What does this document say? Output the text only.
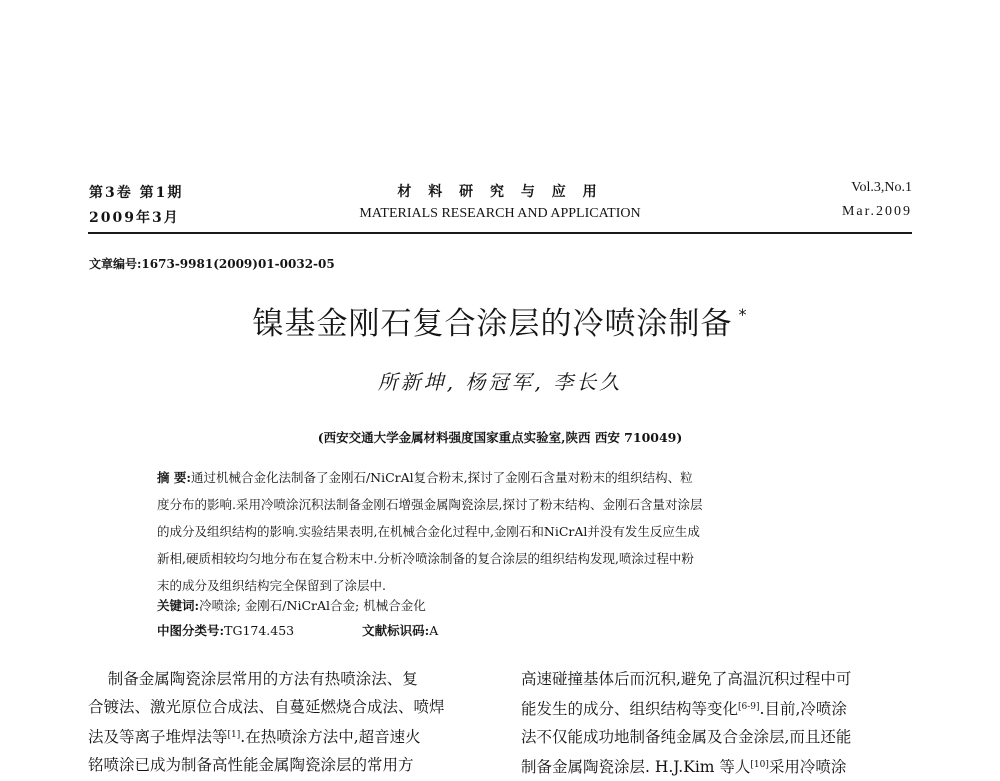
第3卷 第1期
2009年3月
材 料 研 究 与 应 用
MATERIALS RESEARCH AND APPLICATION
Vol.3,No.1
Mar.2009
文章编号:1673-9981(2009)01-0032-05
镍基金刚石复合涂层的冷喷涂制备 *
所新坤, 杨冠军, 李长久
(西安交通大学金属材料强度国家重点实验室,陕西 西安 710049)

摘 要:通过机械合金化法制备了金刚石/NiCrAl复合粉末,探讨了金刚石含量对粉末的组织结构、粒

度分布的影响.采用冷喷涂沉积法制备金刚石增强金属陶瓷涂层,探讨了粉末结构、金刚石含量对涂层

的成分及组织结构的影响.实验结果表明,在机械合金化过程中,金刚石和NiCrAl并没有发生反应生成

新相,硬质相较均匀地分布在复合粉末中.分析冷喷涂制备的复合涂层的组织结构发现,喷涂过程中粉

末的成分及组织结构完全保留到了涂层中.

关键词:冷喷涂; 金刚石/NiCrAl合金; 机械合金化
中图分类号:TG174.453	文献标识码:A

制备金属陶瓷涂层常用的方法有热喷涂法、复

合镀法、激光原位合成法、自蔓延燃烧合成法、喷焊

法及等离子堆焊法等[1].在热喷涂方法中,超音速火

铭喷涂已成为制备高性能金属陶瓷涂层的常用方

高速碰撞基体后而沉积,避免了高温沉积过程中可

能发生的成分、组织结构等变化[6-9].目前,冷喷涂

法不仅能成功地制备纯金属及合金涂层,而且还能

制备金属陶瓷涂层. H.J.Kim 等人[10]采用冷喷涂
